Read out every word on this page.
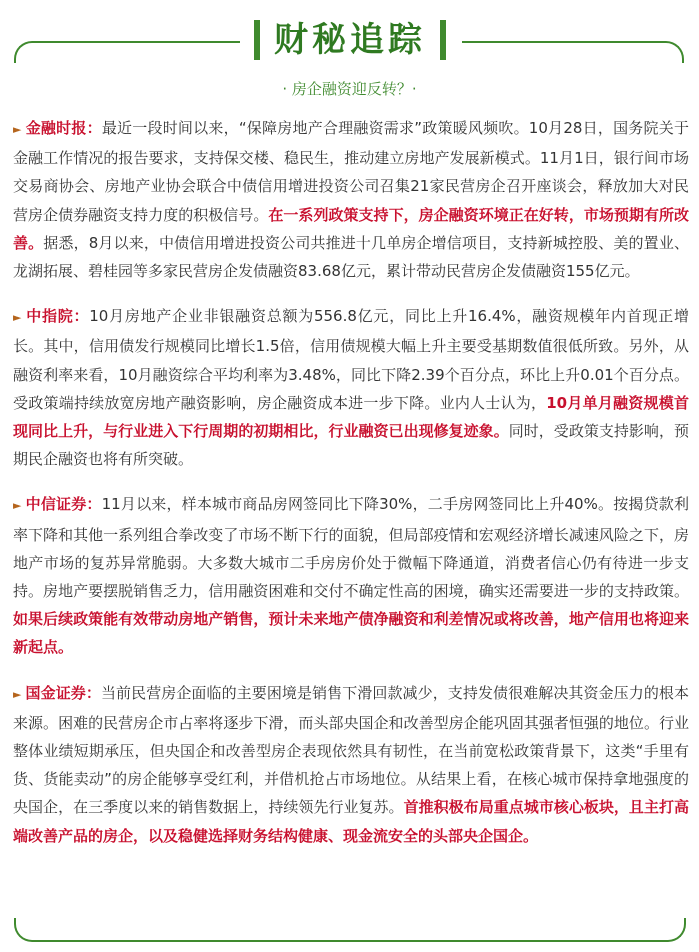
财秘追踪
· 房企融资迎反转？·

► 金融时报：最近一段时间以来，“保障房地产合理融资需求”政策暖风频吹。10月28日，国务院关于金融工作情况的报告要求，支持保交楼、稳民生，推动建立房地产发展新模式。11月1日，银行间市场交易商协会、房地产业协会联合中债信用增进投资公司召集21家民营房企召开座谈会，释放加大对民营房企债券融资支持力度的积极信号。在一系列政策支持下，房企融资环境正在好转，市场预期有所改善。据悉，8月以来，中债信用增进投资公司共推进十几单房企增信项目，支持新城控股、美的置业、龙湖拓展、碧桂园等多家民营房企发债融资83.68亿元，累计带动民营房企发债融资155亿元。

► 中指院：10月房地产企业非银融资总额为556.8亿元，同比上升16.4%，融资规模年内首现正增长。其中，信用债发行规模同比增长1.5倍，信用债规模大幅上升主要受基期数值很低所致。另外，从融资利率来看，10月融资综合平均利率为3.48%，同比下降2.39个百分点，环比上升0.01个百分点。受政策端持续放宽房地产融资影响，房企融资成本进一步下降。业内人士认为，10月单月融资规模首现同比上升，与行业进入下行周期的初期相比，行业融资已出现修复迹象。同时，受政策支持影响，预期民企融资也将有所突破。

► 中信证券：11月以来，样本城市商品房网签同比下降30%，二手房网签同比上升40%。按揭贷款利率下降和其他一系列组合拳改变了市场不断下行的面貌，但局部疫情和宏观经济增长减速风险之下，房地产市场的复苏异常脆弱。大多数大城市二手房房价处于微幅下降通道，消费者信心仍有待进一步支持。房地产要摆脱销售乏力，信用融资困难和交付不确定性高的困境，确实还需要进一步的支持政策。如果后续政策能有效带动房地产销售，预计未来地产债净融资和利差情况或将改善，地产信用也将迎来新起点。

► 国金证券：当前民营房企面临的主要困境是销售下滑回款减少，支持发债很难解决其资金压力的根本来源。困难的民营房企市占率将逐步下滑，而头部央国企和改善型房企能巩固其强者恒强的地位。行业整体业绩短期承压，但央国企和改善型房企表现依然具有韧性，在当前宽松政策背景下，这类“手里有货、货能卖动”的房企能够享受红利，并借机抢占市场地位。从结果上看，在核心城市保持拿地强度的央国企，在三季度以来的销售数据上，持续领先行业复苏。首推积极布局重点城市核心板块，且主打高端改善产品的房企，以及稳健选择财务结构健康、现金流安全的头部央企国企。
